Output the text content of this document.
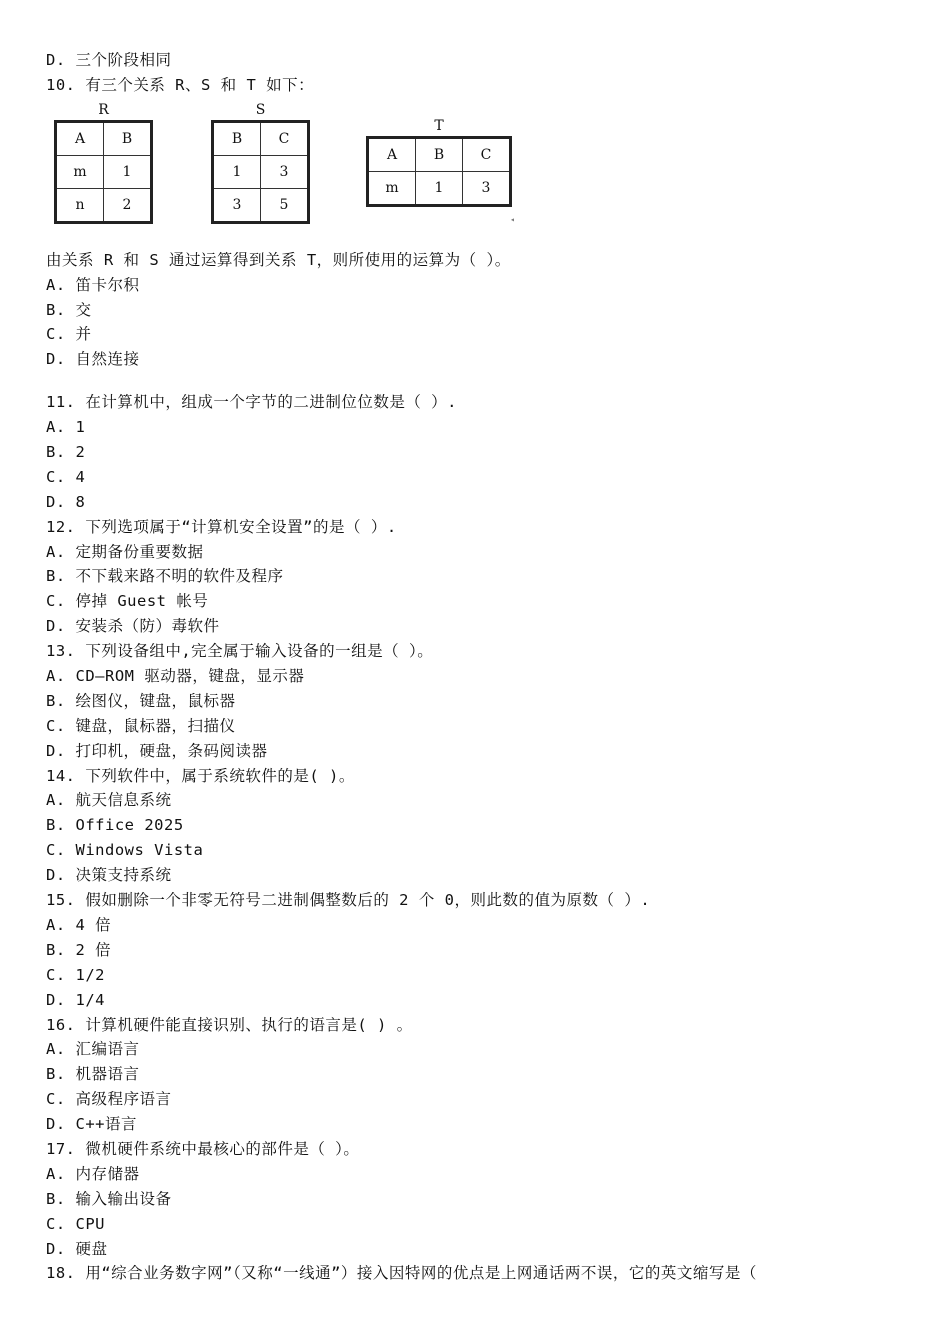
D. 三个阶段相同
10. 有三个关系 R、S 和 T 如下：
R
A	B
m	1
n	2
S
B	C
1	3
3	5
T
A	B	C
m	1	3
◂
由关系 R 和 S 通过运算得到关系 T，则所使用的运算为（ ）。
A. 笛卡尔积
B. 交
C. 并
D. 自然连接
11. 在计算机中，组成一个字节的二进制位位数是（ ）.
A. 1
B. 2
C. 4
D. 8
12. 下列选项属于“计算机安全设置”的是（ ）.
A. 定期备份重要数据
B. 不下载来路不明的软件及程序
C. 停掉 Guest 帐号
D. 安装杀（防）毒软件
13. 下列设备组中,完全属于输入设备的一组是（ ）。
A. CD—ROM 驱动器，键盘，显示器
B. 绘图仪，键盘，鼠标器
C. 键盘，鼠标器，扫描仪
D. 打印机，硬盘，条码阅读器
14. 下列软件中，属于系统软件的是( )。
A. 航天信息系统
B. Office 2025
C. Windows Vista
D. 决策支持系统
15. 假如删除一个非零无符号二进制偶整数后的 2 个 0，则此数的值为原数（ ）.
A. 4 倍
B. 2 倍
C. 1/2
D. 1/4
16. 计算机硬件能直接识别、执行的语言是( ) 。
A. 汇编语言
B. 机器语言
C. 高级程序语言
D. C++语言
17. 微机硬件系统中最核心的部件是（ ）。
A. 内存储器
B. 输入输出设备
C. CPU
D. 硬盘
18. 用“综合业务数字网”（又称“一线通”）接入因特网的优点是上网通话两不误，它的英文缩写是（
